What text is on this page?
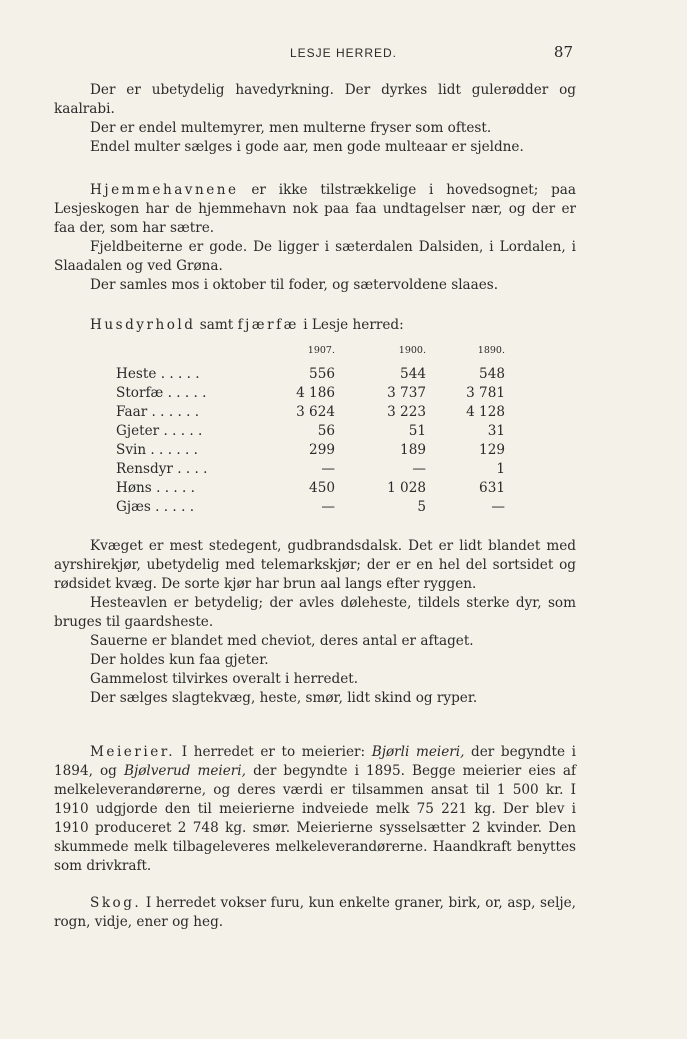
LESJE HERRED.	87

Der er ubetydelig havedyrkning. Der dyrkes lidt gulerødder og kaalrabi.

Der er endel multemyrer, men multerne fryser som oftest.

Endel multer sælges i gode aar, men gode multeaar er sjeldne.

Hjemmehavnene er ikke tilstrækkelige i hovedsognet; paa Lesjeskogen har de hjemmehavn nok paa faa undtagelser nær, og der er faa der, som har sætre.

Fjeldbeiterne er gode. De ligger i sæterdalen Dalsiden, i Lordalen, i Slaadalen og ved Grøna.

Der samles mos i oktober til foder, og sætervoldene slaaes.

Husdyrhold samt fjærfæ i Lesje herred:

1907.	1900.	1890.
Heste . . . . .	556	544	548
Storfæ . . . . .	4 186	3 737	3 781
Faar . . . . . .	3 624	3 223	4 128
Gjeter . . . . .	56	51	31
Svin . . . . . .	299	189	129
Rensdyr . . . .	—	—	1
Høns . . . . .	450	1 028	631
Gjæs . . . . .	—	5	—

Kvæget er mest stedegent, gudbrandsdalsk. Det er lidt blandet med ayrshirekjør, ubetydelig med telemarkskjør; der er en hel del sortsidet og rødsidet kvæg. De sorte kjør har brun aal langs efter ryggen.

Hesteavlen er betydelig; der avles døleheste, tildels sterke dyr, som bruges til gaardsheste.

Sauerne er blandet med cheviot, deres antal er aftaget.

Der holdes kun faa gjeter.

Gammelost tilvirkes overalt i herredet.

Der sælges slagtekvæg, heste, smør, lidt skind og ryper.

Meierier. I herredet er to meierier: Bjørli meieri, der begyndte i 1894, og Bjølverud meieri, der begyndte i 1895. Begge meierier eies af melkeleverandørerne, og deres værdi er tilsammen ansat til 1 500 kr. I 1910 udgjorde den til meierierne indveiede melk 75 221 kg. Der blev i 1910 produceret 2 748 kg. smør. Meierierne sysselsætter 2 kvinder. Den skummede melk tilbageleveres melkeleverandørerne. Haandkraft benyttes som drivkraft.

Skog. I herredet vokser furu, kun enkelte graner, birk, or, asp, selje, rogn, vidje, ener og heg.
